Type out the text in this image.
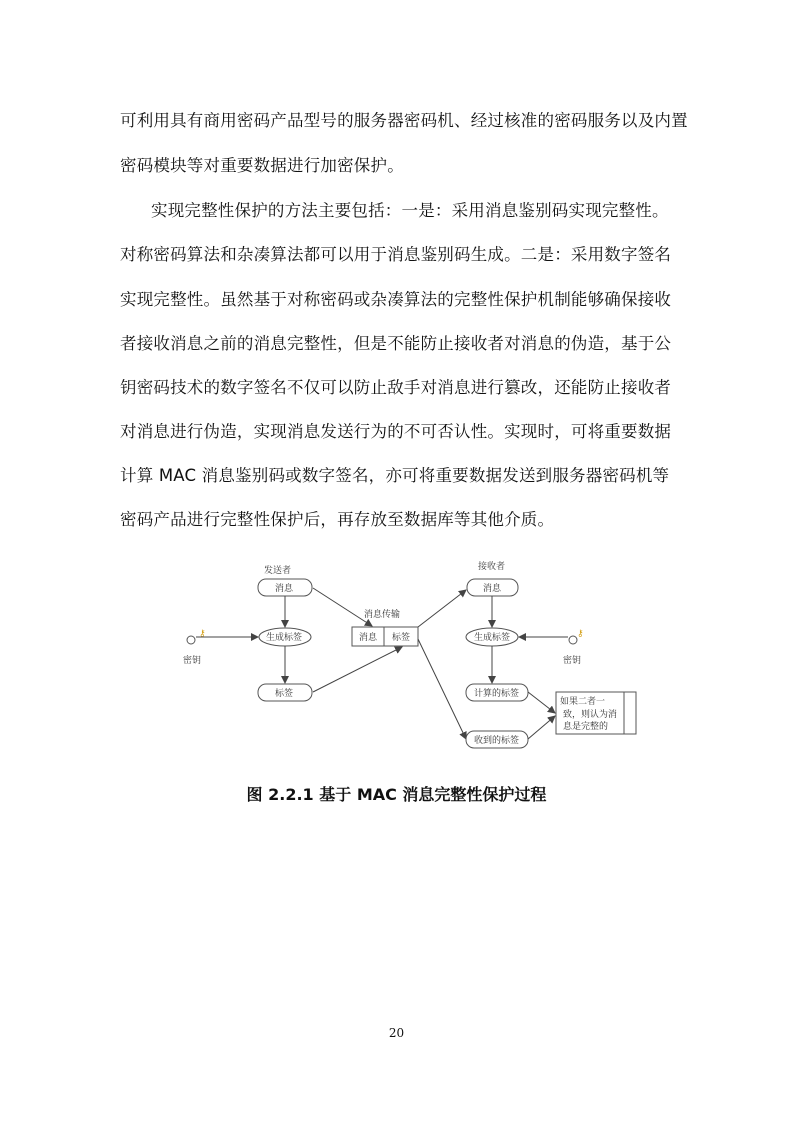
可利用具有商用密码产品型号的服务器密码机、经过核准的密码服务以及内置
密码模块等对重要数据进行加密保护。
实现完整性保护的方法主要包括：一是：采用消息鉴别码实现完整性。
对称密码算法和杂凑算法都可以用于消息鉴别码生成。二是：采用数字签名
实现完整性。虽然基于对称密码或杂凑算法的完整性保护机制能够确保接收
者接收消息之前的消息完整性，但是不能防止接收者对消息的伪造，基于公
钥密码技术的数字签名不仅可以防止敌手对消息进行篡改，还能防止接收者
对消息进行伪造，实现消息发送行为的不可否认性。实现时，可将重要数据
计算 MAC 消息鉴别码或数字签名，亦可将重要数据发送到服务器密码机等
密码产品进行完整性保护后，再存放至数据库等其他介质。
发送者
消息
生成标签
标签
⚷
密钥
消息传输
消息 标签
接收者
消息
生成标签
计算的标签
收到的标签
⚷
密钥
如果二者一
致，则认为消
息是完整的
图 2.2.1 基于 MAC 消息完整性保护过程
20
